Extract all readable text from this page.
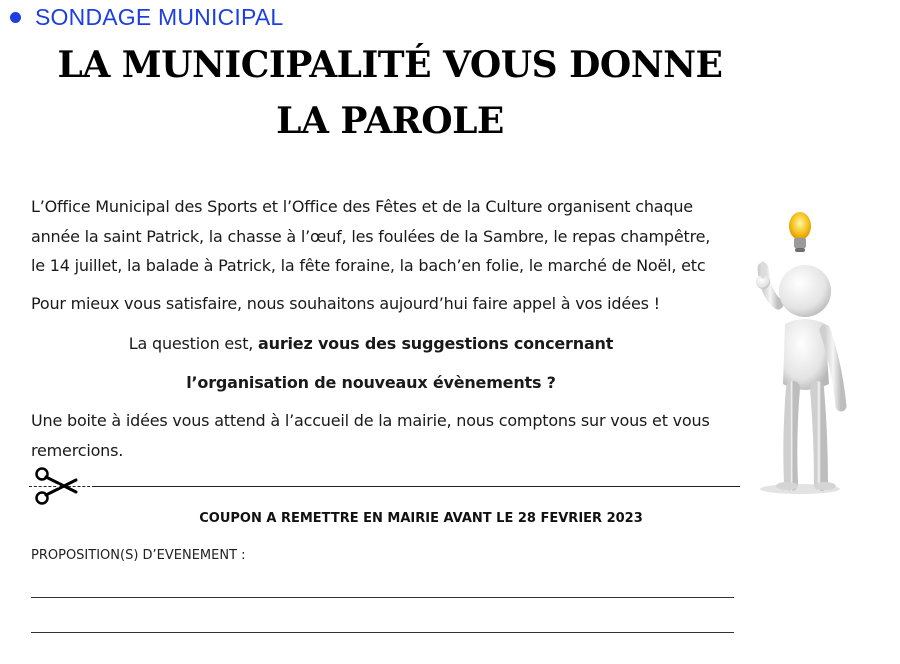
SONDAGE MUNICIPAL
LA MUNICIPALITÉ VOUS DONNE
LA PAROLE
L’Office Municipal des Sports et l’Office des Fêtes et de la Culture organisent chaque
année la saint Patrick, la chasse à l’œuf, les foulées de la Sambre, le repas champêtre,
le 14 juillet, la balade à Patrick, la fête foraine, la bach’en folie, le marché de Noël, etc
Pour mieux vous satisfaire, nous souhaitons aujourd’hui faire appel à vos idées !
La question est, auriez vous des suggestions concernant
l’organisation de nouveaux évènements ?
Une boite à idées vous attend à l’accueil de la mairie, nous comptons sur vous et vous
remercions.
COUPON A REMETTRE EN MAIRIE AVANT LE 28 FEVRIER 2023
PROPOSITION(S) D’EVENEMENT :
